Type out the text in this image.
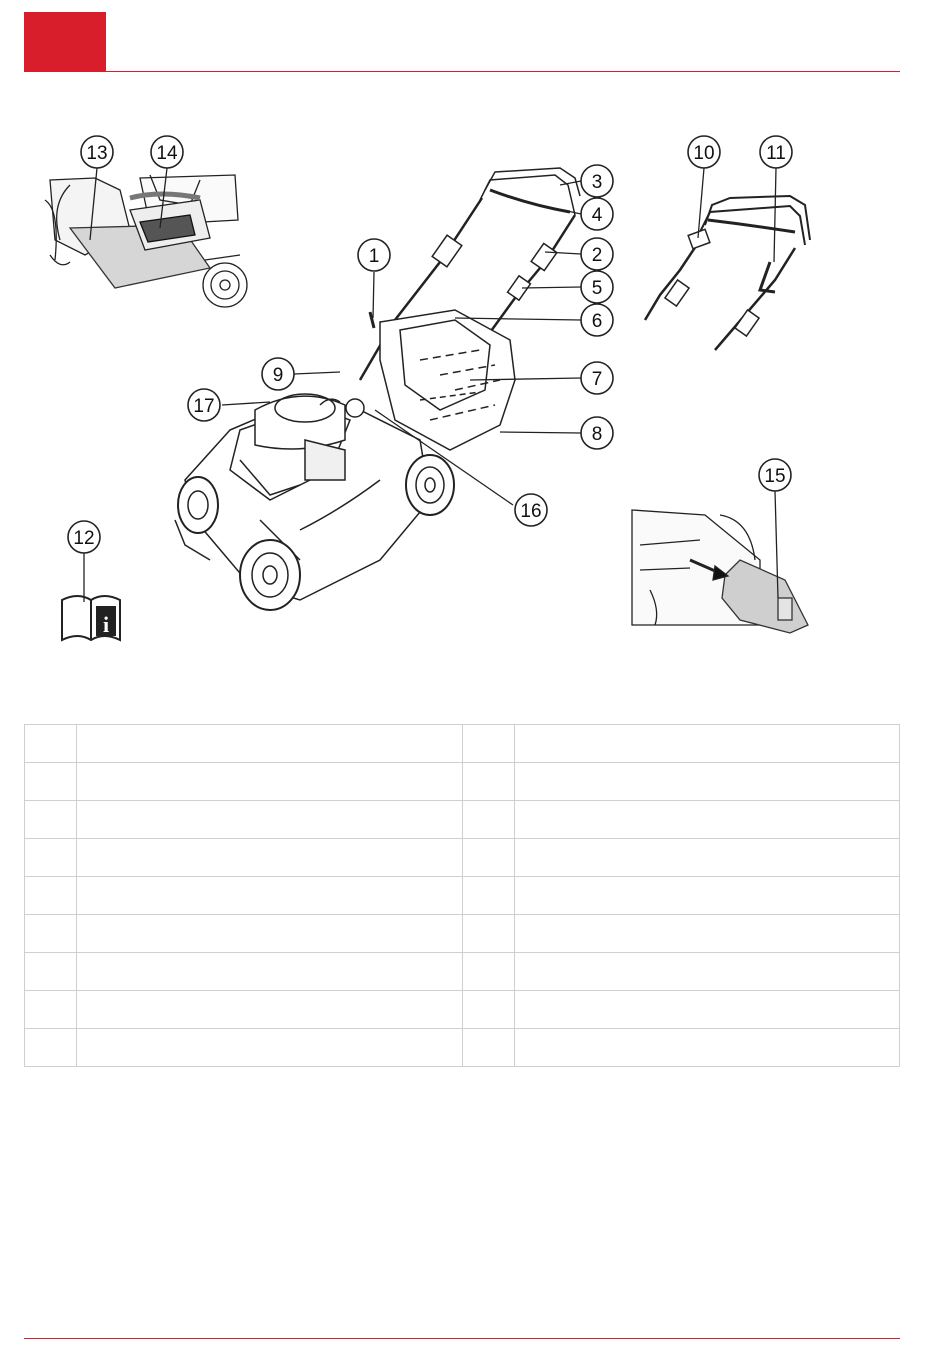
i
1	2
3
4
5
6
7
8
9
10	11
12
13	14
15
16
17
